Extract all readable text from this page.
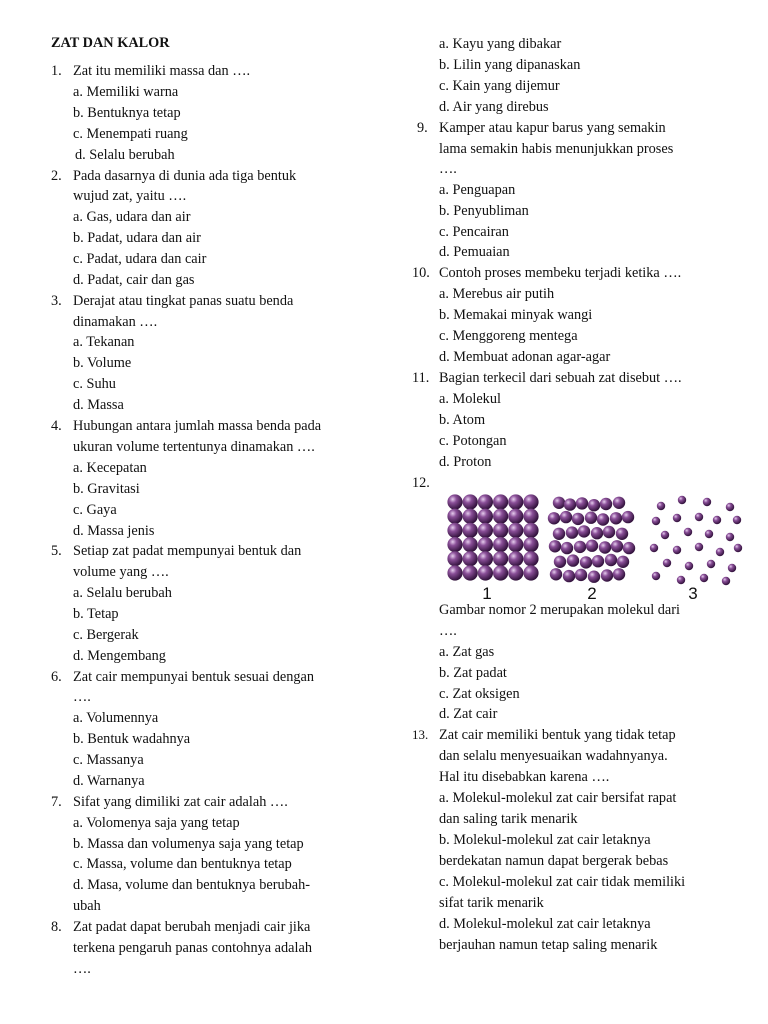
ZAT DAN KALOR
1. Zat itu memiliki massa dan ….
a. Memiliki warna
b. Bentuknya tetap
c. Menempati ruang
d. Selalu berubah
2. Pada dasarnya di dunia ada tiga bentuk
wujud zat, yaitu ….
a. Gas, udara dan air
b. Padat, udara dan air
c. Padat, udara dan cair
d. Padat, cair dan gas
3. Derajat atau tingkat panas suatu benda
dinamakan ….
a. Tekanan
b. Volume
c. Suhu
d. Massa
4. Hubungan antara jumlah massa benda pada
ukuran volume tertentunya dinamakan ….
a. Kecepatan
b. Gravitasi
c. Gaya
d. Massa jenis
5. Setiap zat padat mempunyai bentuk dan
volume yang ….
a. Selalu berubah
b. Tetap
c. Bergerak
d. Mengembang
6. Zat cair mempunyai bentuk sesuai dengan
….
a. Volumennya
b. Bentuk wadahnya
c. Massanya
d. Warnanya
7. Sifat yang dimiliki zat cair adalah ….
a. Volomenya saja yang tetap
b. Massa dan volumenya saja yang tetap
c. Massa, volume dan bentuknya tetap
d. Masa, volume dan bentuknya berubah-
ubah
8. Zat padat dapat berubah menjadi cair jika
terkena pengaruh panas contohnya adalah
….
a. Kayu yang dibakar
b. Lilin yang dipanaskan
c. Kain yang dijemur
d. Air yang direbus
9. Kamper atau kapur barus yang semakin
lama semakin habis menunjukkan proses
….
a. Penguapan
b. Penyubliman
c. Pencairan
d. Pemuaian
10. Contoh proses membeku terjadi ketika ….
a. Merebus air putih
b. Memakai minyak wangi
c. Menggoreng mentega
d. Membuat adonan agar-agar
11. Bagian terkecil dari sebuah zat disebut ….
a. Molekul
b. Atom
c. Potongan
d. Proton
12.
1	2	3
Gambar nomor 2 merupakan molekul dari
….
a. Zat gas
b. Zat padat
c. Zat oksigen
d. Zat cair
13. Zat cair memiliki bentuk yang tidak tetap
dan selalu menyesuaikan wadahnyanya.
Hal itu disebabkan karena ….
a. Molekul-molekul zat cair bersifat rapat
dan saling tarik menarik
b. Molekul-molekul zat cair letaknya
berdekatan namun dapat bergerak bebas
c. Molekul-molekul zat cair tidak memiliki
sifat tarik menarik
d. Molekul-molekul zat cair letaknya
berjauhan namun tetap saling menarik
